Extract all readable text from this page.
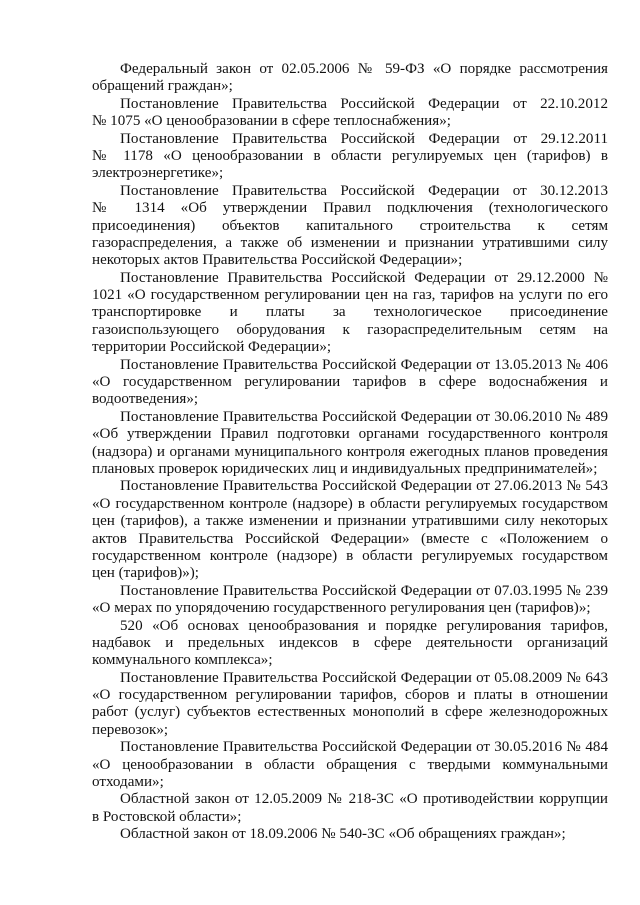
Федеральный закон от 02.05.2006 № 59-ФЗ «О порядке рассмотрения
обращений граждан»;
Постановление Правительства Российской Федерации от 22.10.2012
№ 1075 «О ценообразовании в сфере теплоснабжения»;
Постановление Правительства Российской Федерации от 29.12.2011
№ 1178 «О ценообразовании в области регулируемых цен (тарифов) в
электроэнергетике»;
Постановление Правительства Российской Федерации от 30.12.2013
№ 1314 «Об утверждении Правил подключения (технологического
присоединения) объектов капитального строительства к сетям
газораспределения, а также об изменении и признании утратившими силу
некоторых актов Правительства Российской Федерации»;
Постановление Правительства Российской Федерации от 29.12.2000 №
1021 «О государственном регулировании цен на газ, тарифов на услуги по его
транспортировке и платы за технологическое присоединение
газоиспользующего оборудования к газораспределительным сетям на
территории Российской Федерации»;
Постановление Правительства Российской Федерации от 13.05.2013 № 406
«О государственном регулировании тарифов в сфере водоснабжения и
водоотведения»;
Постановление Правительства Российской Федерации от 30.06.2010 № 489
«Об утверждении Правил подготовки органами государственного контроля
(надзора) и органами муниципального контроля ежегодных планов проведения
плановых проверок юридических лиц и индивидуальных предпринимателей»;
Постановление Правительства Российской Федерации от 27.06.2013 № 543
«О государственном контроле (надзоре) в области регулируемых государством
цен (тарифов), а также изменении и признании утратившими силу некоторых
актов Правительства Российской Федерации» (вместе с «Положением о
государственном контроле (надзоре) в области регулируемых государством
цен (тарифов)»);
Постановление Правительства Российской Федерации от 07.03.1995 № 239
«О мерах по упорядочению государственного регулирования цен (тарифов)»;
520 «Об основах ценообразования и порядке регулирования тарифов,
надбавок и предельных индексов в сфере деятельности организаций
коммунального комплекса»;
Постановление Правительства Российской Федерации от 05.08.2009 № 643
«О государственном регулировании тарифов, сборов и платы в отношении
работ (услуг) субъектов естественных монополий в сфере железнодорожных
перевозок»;
Постановление Правительства Российской Федерации от 30.05.2016 № 484
«О ценообразовании в области обращения с твердыми коммунальными
отходами»;
Областной закон от 12.05.2009 № 218-ЗС «О противодействии коррупции
в Ростовской области»;
Областной закон от 18.09.2006 № 540-ЗС «Об обращениях граждан»;
